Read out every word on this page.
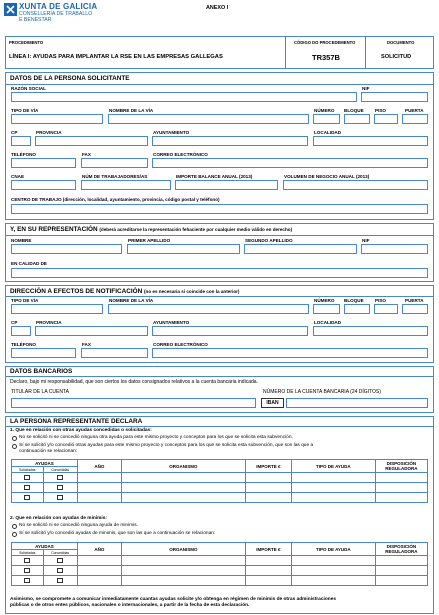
XUNTA DE GALICIA
CONSELLERÍA DE TRABALLO
E BENESTAR
ANEXO I
PROCEDIMENTO	CÓDIGO DO PROCEDEMENTO	DOCUMENTO
LÍNEA I: AYUDAS PARA IMPLANTAR LA RSE EN LAS EMPRESAS GALLEGAS	TR357B	SOLICITUD
DATOS DE LA PERSONA SOLICITANTE
RAZÓN SOCIAL	NIF
TIPO DE VÍA	NOMBRE DE LA VÍA	NÚMERO BLOQUE PISO	PUERTA
CP	PROVINCIA	AYUNTAMIENTO	LOCALIDAD
TELÉFONO	FAX	CORREO ELECTRÓNICO
CNAE	NÚM DE TRABAJADORES/AS	IMPORTE BALANCE ANUAL (2013)	VOLUMEN DE NEGOCIO ANUAL (2013)
CENTRO DE TRABAJO (dirección, localidad, ayuntamiento, provincia, código postal y teléfono)
Y, EN SU REPRESENTACIÓN (deberá acreditarse la representación fehaciente por cualquier medio válido en derecho)
NOMBRE	PRIMER APELLIDO	SEGUNDO APELLIDO	NIF
EN CALIDAD DE
DIRECCIÓN A EFECTOS DE NOTIFICACIÓN (no es necesaria si coincide con la anterior)
TIPO DE VÍA	NOMBRE DE LA VÍA	NÚMERO BLOQUE PISO	PUERTA
CP	PROVINCIA	AYUNTAMIENTO	LOCALIDAD
TELÉFONO	FAX	CORREO ELECTRÓNICO
DATOS BANCARIOS
Declaro, bajo mi responsabilidad, que son ciertos los datos consignados relativos a la cuenta bancaria indicada.
TITULAR DE LA CUENTA	NÚMERO DE LA CUENTA BANCARIA (24 DÍGITOS)
IBAN
LA PERSONA REPRESENTANTE DECLARA
1. Que en relación con otras ayudas concedidas o solicitadas:
No se solicitó ni se concedió ninguna otra ayuda para este mismo proyecto y conceptos para los que se solicita esta subvención.
Sí se solicitó y/o concedió otras ayudas para este mismo proyecto y conceptos para los que se solicita esta subvención, que son las que a
continuación se relacionan:
AYUDAS		AÑO	ORGANISMO	IMPORTE €	TIPO DE AYUDA	DISPOSICIÓN
REGULADORA
Solicitadas	Concedidas					

2. Que en relación con ayudas de minimis:
No se solicitó ni se concedió ninguna ayuda de minimis.
Sí se solicitó y/o concedió ayudas de minimis, que son las que a continuación se relacionan:
AYUDAS		AÑO	ORGANISMO	IMPORTE €	TIPO DE AYUDA	DISPOSICIÓN
REGULADORA
Solicitadas	Concedidas					

Asimismo, se compromete a comunicar inmediatamente cuantas ayudas solicite y/o obtenga en régimen de minimis de otras administraciones
públicas o de otros entes públicos, nacionales o internacionales, a partir de la fecha de esta declaración.
